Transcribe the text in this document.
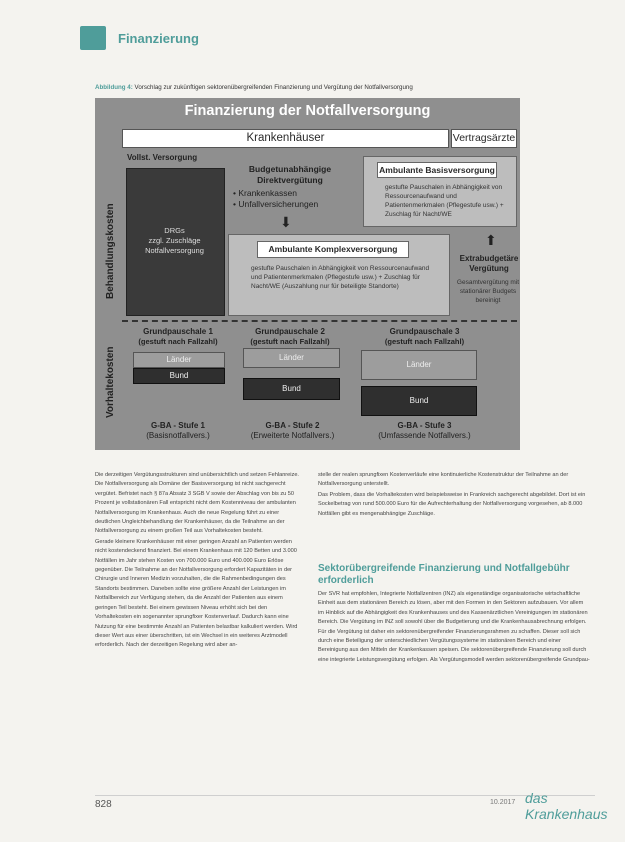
Finanzierung
Abbildung 4: Vorschlag zur zukünftigen sektorenübergreifenden Finanzierung und Vergütung der Notfallversorgung
Finanzierung der Notfallversorgung
Krankenhäuser	Vertragsärzte
Behandlungskosten
Vorhaltekosten
Vollst. Versorgung
DRGs
zzgl. Zuschläge
Notfallversorgung
Budgetunabhängige
Direktvergütung
• Krankenkassen
• Unfallversicherungen
⬇
Ambulante Basisversorgung
gestufte Pauschalen in Abhängigkeit von Ressourcenaufwand und Patientenmerkmalen (Pflegestufe usw.) + Zuschlag für Nacht/WE
Ambulante Komplexversorgung
gestufte Pauschalen in Abhängigkeit von Ressourcenaufwand und Patientenmerkmalen (Pflegestufe usw.) + Zuschlag für Nacht/WE (Auszahlung nur für beteiligte Standorte)
⬆
Extrabudgetäre
Vergütung
Gesamtvergütung mit stationärer Budgets bereinigt
Grundpauschale 1
(gestuft nach Fallzahl)
Länder
Bund
Grundpauschale 2
(gestuft nach Fallzahl)
Länder
Bund
Grundpauschale 3
(gestuft nach Fallzahl)
Länder
Bund
G-BA - Stufe 1
(Basisnotfallvers.)
G-BA - Stufe 2
(Erweiterte Notfallvers.)
G-BA - Stufe 3
(Umfassende Notfallvers.)
Die derzeitigen Vergütungsstrukturen sind unübersichtlich und setzen Fehlanreize. Die Notfallversorgung als Domäne der Basisversorgung ist nicht sachgerecht vergütet. Befristet nach § 87a Absatz 3 SGB V sowie der Abschlag von bis zu 50 Prozent je vollstationären Fall entspricht nicht dem Kostenniveau der ambulanten Notfallversorgung im Krankenhaus. Auch die neue Regelung führt zu einer deutlichen Ungleichbehandlung der Krankenhäuser, da die Teilnahme an der Notfallversorgung zu einem großen Teil aus Vorhaltekosten besteht.
Gerade kleinere Krankenhäuser mit einer geringen Anzahl an Patienten werden nicht kostendeckend finanziert. Bei einem Krankenhaus mit 120 Betten und 3.000 Notfällen im Jahr stehen Kosten von 700.000 Euro und 400.000 Euro Erlöse gegenüber. Die Teilnahme an der Notfallversorgung erfordert Kapazitäten in der Chirurgie und Inneren Medizin vorzuhalten, die die Rahmenbedingungen des Standorts bestimmen. Daneben sollte eine größere Anzahl der Leistungen im Notfallbereich zur Verfügung stehen, da die Anzahl der Patienten aus einem geringen Teil besteht. Bei einem gewissen Niveau erhöht sich bei den Vorhaltekosten ein sogenannter sprungfixer Kostenverlauf. Dadurch kann eine Nutzung für eine bestimmte Anzahl an Patienten belastbar kalkuliert werden. Wird dieser Wert aus einer überschritten, ist ein Wechsel in ein weiteres Arztmodell erforderlich. Nach der derzeitigen Regelung wird aber an-
stelle der realen sprungfixen Kostenverläufe eine kontinuierliche Kostenstruktur der Teilnahme an der Notfallversorgung unterstellt.
Das Problem, dass die Vorhaltekosten wird beispielsweise in Frankreich sachgerecht abgebildet. Dort ist ein Sockelbetrag von rund 500.000 Euro für die Aufrechterhaltung der Notfallversorgung vorgesehen, ab 8.000 Notfällen gibt es mengenabhängige Zuschläge.
Sektorübergreifende Finanzierung und Notfallgebühr erforderlich
Der SVR hat empfohlen, Integrierte Notfallzentren (INZ) als eigenständige organisatorische wirtschaftliche Einheit aus dem stationären Bereich zu lösen, aber mit den Formen in den Sektoren aufzubauen. Vor allem im Hinblick auf die Abhängigkeit des Krankenhauses und des Kassenärztlichen Vereinigungen im stationären Bereich. Die Vergütung im INZ soll sowohl über die Budgetierung und die Krankenhausabrechnung erfolgen. Für die Vergütung ist daher ein sektorenübergreifender Finanzierungsrahmen zu schaffen. Dieser soll sich durch eine Beteiligung der unterschiedlichen Vergütungssysteme im stationären Bereich und einer Bereinigung aus den Mitteln der Krankenkassen speisen. Die sektorenübergreifende Finanzierung soll durch eine integrierte Leistungsvergütung erfolgen. Als Vergütungsmodell werden sektorenübergreifende Grundpau-
828	10.2017 das Krankenhaus
